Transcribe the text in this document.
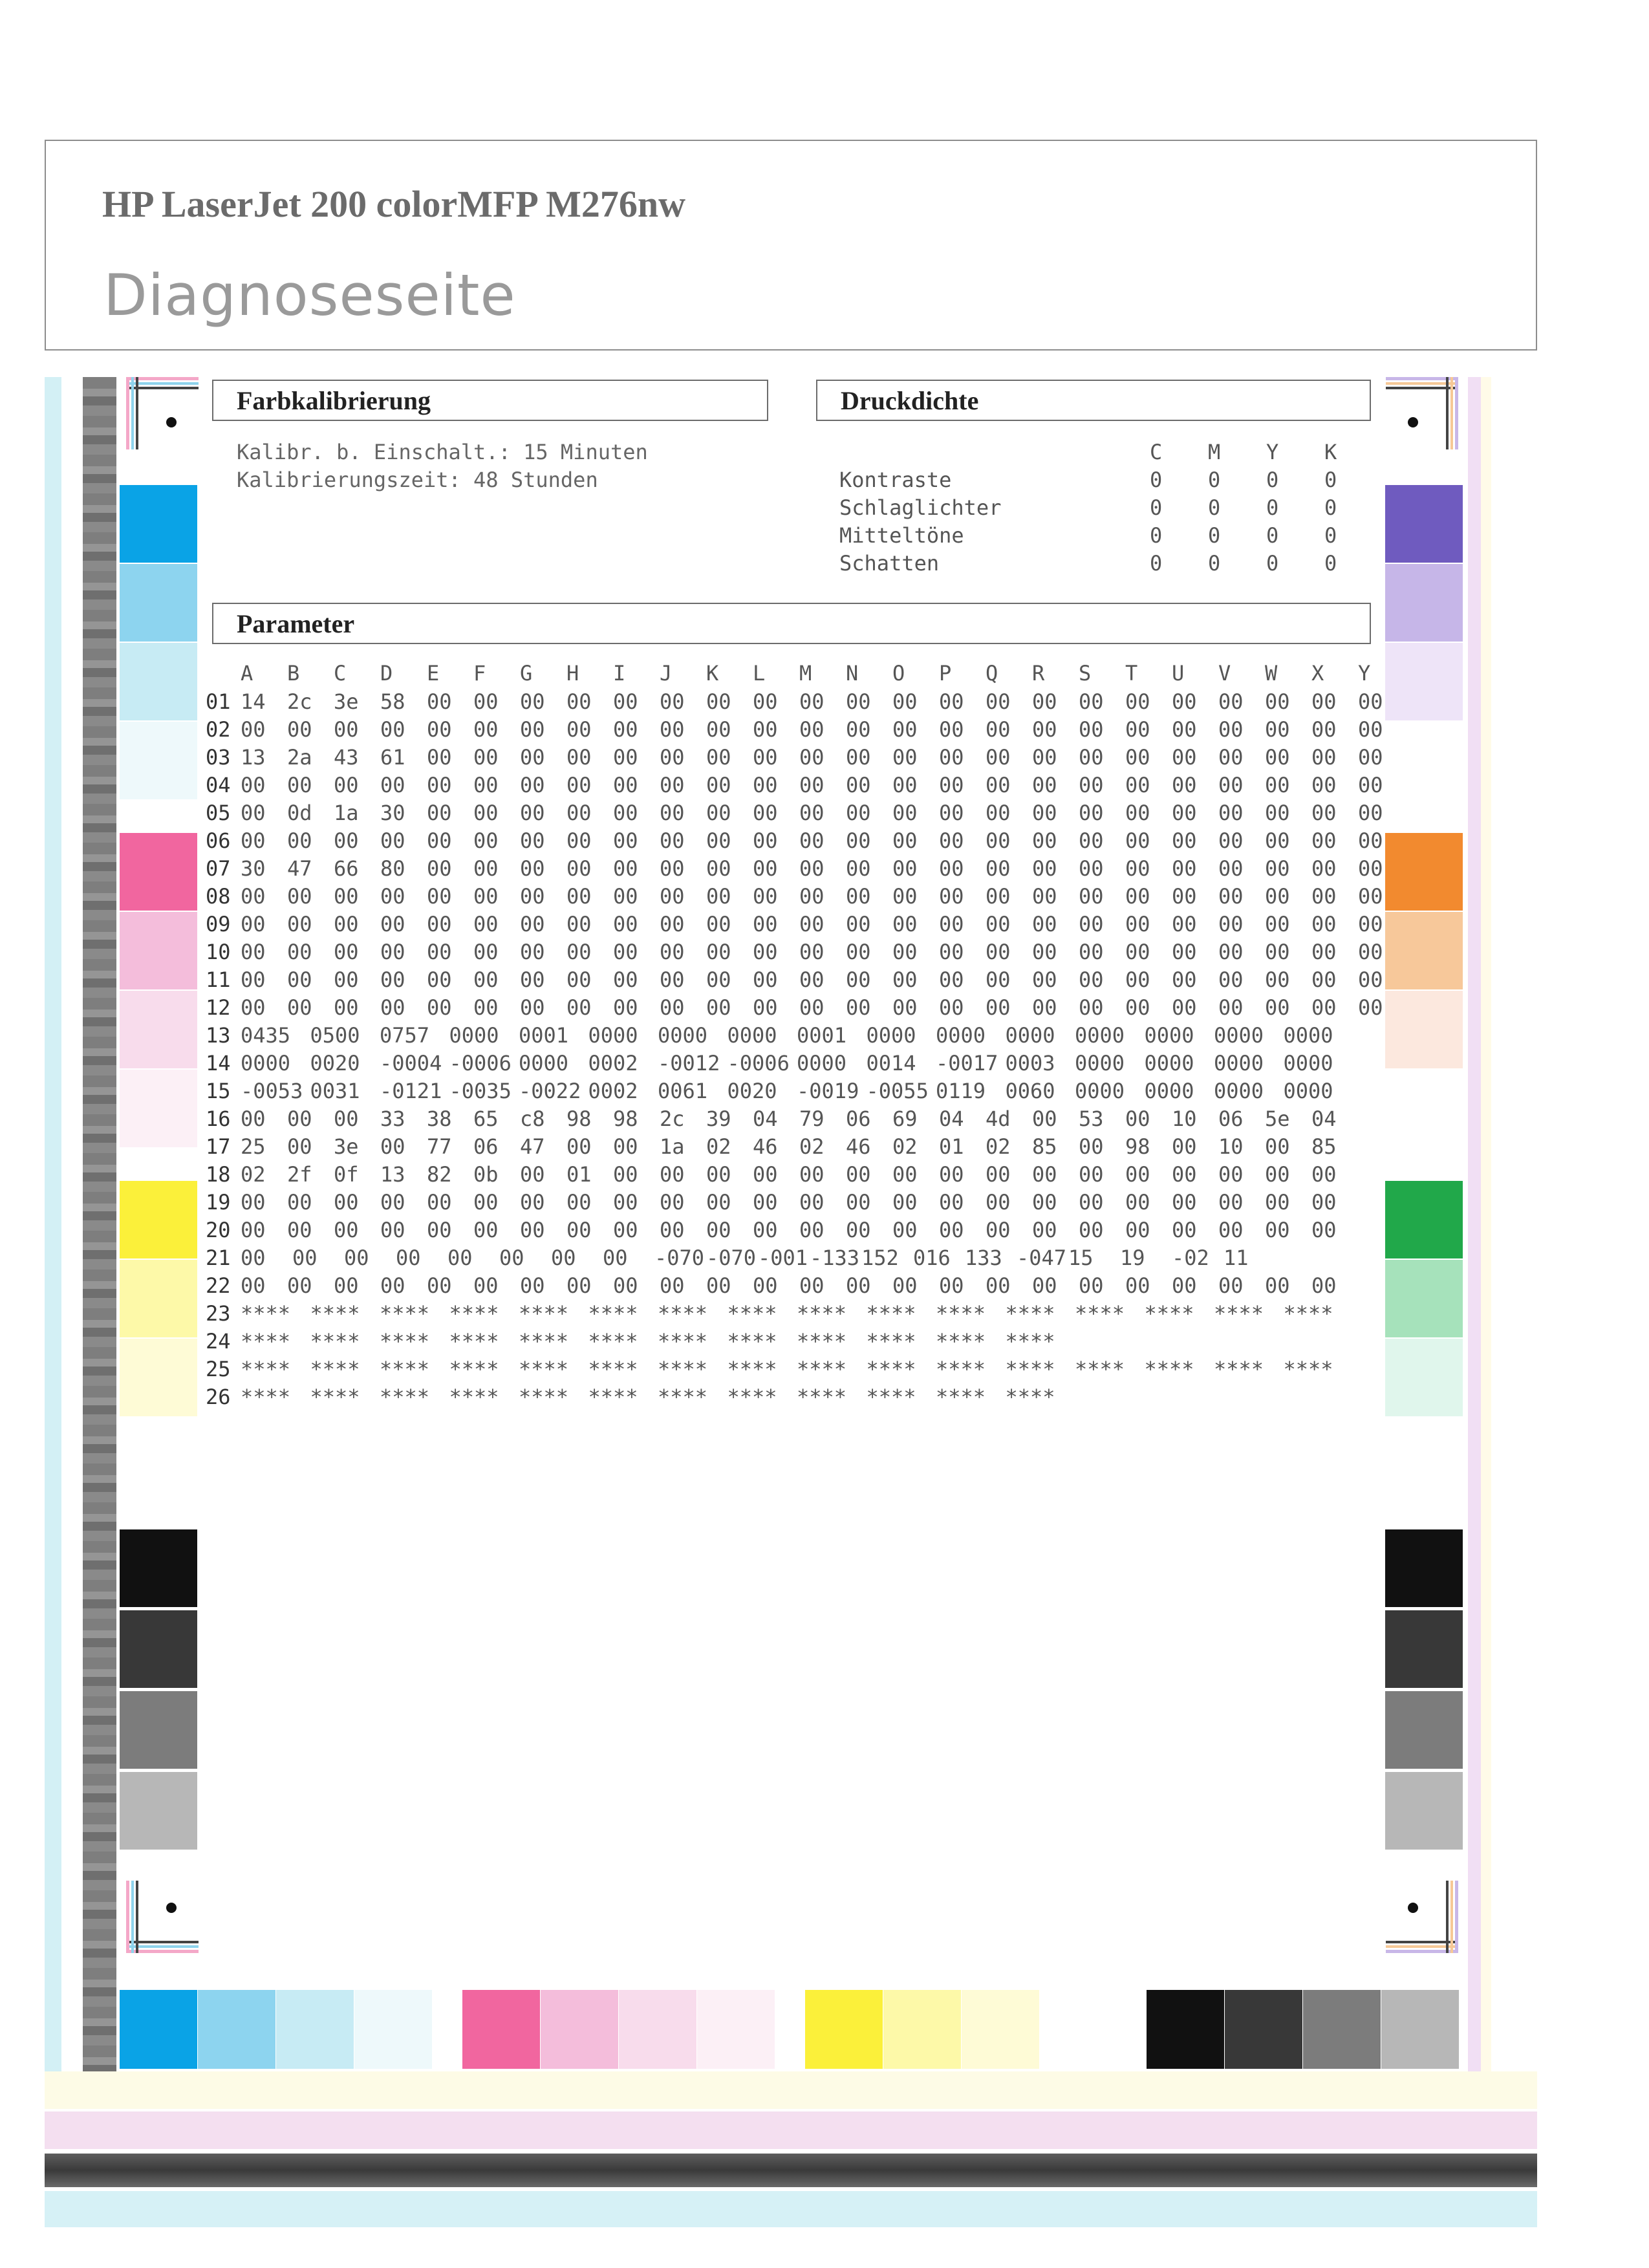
HP LaserJet 200 colorMFP M276nw
Diagnoseseite
Farbkalibrierung
Kalibr. b. Einschalt.: 15 Minuten
Kalibrierungszeit: 48 Stunden
Druckdichte
C M Y K
Kontraste	0 0 0 0
Schlaglichter	0 0 0 0
Mitteltöne	0 0 0 0
Schatten	0 0 0 0
Parameter
A B C D E F G H I J K L M N O P Q R S T U V W X Y
01 14 2c 3e 58 00 00 00 00 00 00 00 00 00 00 00 00 00 00 00 00 00 00 00 00 00
02 00 00 00 00 00 00 00 00 00 00 00 00 00 00 00 00 00 00 00 00 00 00 00 00 00
03 13 2a 43 61 00 00 00 00 00 00 00 00 00 00 00 00 00 00 00 00 00 00 00 00 00
04 00 00 00 00 00 00 00 00 00 00 00 00 00 00 00 00 00 00 00 00 00 00 00 00 00
05 00 0d 1a 30 00 00 00 00 00 00 00 00 00 00 00 00 00 00 00 00 00 00 00 00 00
06 00 00 00 00 00 00 00 00 00 00 00 00 00 00 00 00 00 00 00 00 00 00 00 00 00
07 30 47 66 80 00 00 00 00 00 00 00 00 00 00 00 00 00 00 00 00 00 00 00 00 00
08 00 00 00 00 00 00 00 00 00 00 00 00 00 00 00 00 00 00 00 00 00 00 00 00 00
09 00 00 00 00 00 00 00 00 00 00 00 00 00 00 00 00 00 00 00 00 00 00 00 00 00
10 00 00 00 00 00 00 00 00 00 00 00 00 00 00 00 00 00 00 00 00 00 00 00 00 00
11 00 00 00 00 00 00 00 00 00 00 00 00 00 00 00 00 00 00 00 00 00 00 00 00 00
12 00 00 00 00 00 00 00 00 00 00 00 00 00 00 00 00 00 00 00 00 00 00 00 00 00
13 0435 0500 0757 0000 0001 0000 0000 0000 0001 0000 0000 0000 0000 0000 0000 0000
14 0000 0020 -0004 -0006 0000 0002 -0012 -0006 0000 0014 -0017 0003 0000 0000 0000 0000
15 -0053 0031 -0121 -0035 -0022 0002 0061 0020 -0019 -0055 0119 0060 0000 0000 0000 0000
16 00 00 00 33 38 65 c8 98 98 2c 39 04 79 06 69 04 4d 00 53 00 10 06 5e 04
17 25 00 3e 00 77 06 47 00 00 1a 02 46 02 46 02 01 02 85 00 98 00 10 00 85
18 02 2f 0f 13 82 0b 00 01 00 00 00 00 00 00 00 00 00 00 00 00 00 00 00 00
19 00 00 00 00 00 00 00 00 00 00 00 00 00 00 00 00 00 00 00 00 00 00 00 00
20 00 00 00 00 00 00 00 00 00 00 00 00 00 00 00 00 00 00 00 00 00 00 00 00
21 00 00 00 00 00 00 00 00 -070 -070 -001 -133 152 016 133 -047 15 19 -02 11
22 00 00 00 00 00 00 00 00 00 00 00 00 00 00 00 00 00 00 00 00 00 00 00 00
23 **** **** **** **** **** **** **** **** **** **** **** **** **** **** **** ****
24 **** **** **** **** **** **** **** **** **** **** **** ****
25 **** **** **** **** **** **** **** **** **** **** **** **** **** **** **** ****
26 **** **** **** **** **** **** **** **** **** **** **** ****
